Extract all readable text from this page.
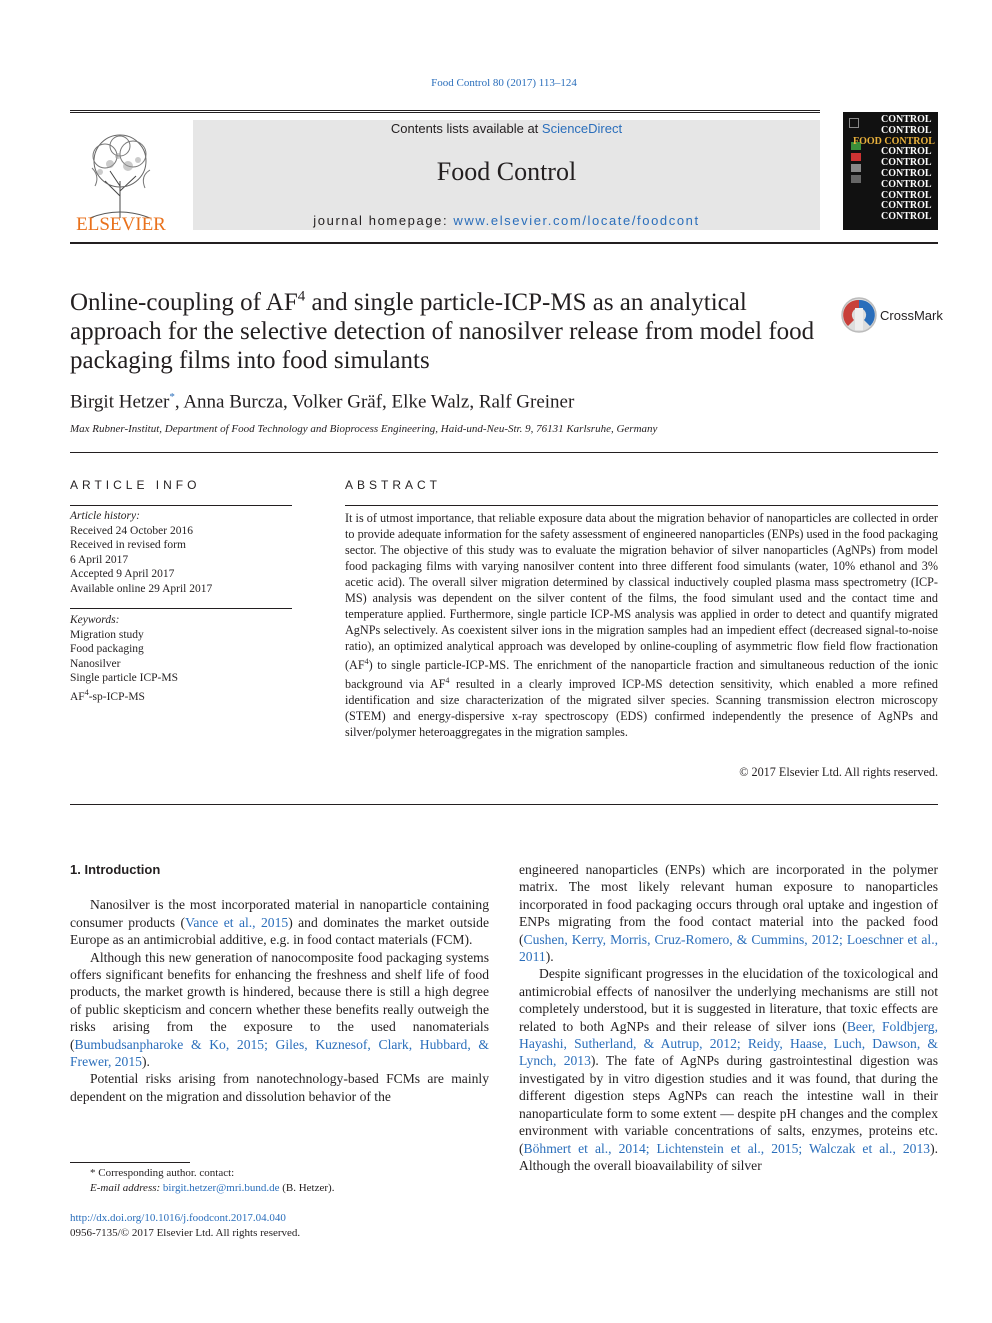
Food Control 80 (2017) 113–124
ELSEVIER
Contents lists available at ScienceDirect
Food Control
journal homepage: www.elsevier.com/locate/foodcont
CONTROL
CONTROL
FOOD CONTROL
CONTROL
CONTROL
CONTROL
CONTROL
CONTROL
CONTROL
CONTROL
Online-coupling of $AF^4$ and single particle-ICP-MS as an analytical approach for the selective detection of nanosilver release from model food packaging films into food simulants
CrossMark
Birgit Hetzer*, Anna Burcza, Volker Gräf, Elke Walz, Ralf Greiner
Max Rubner-Institut, Department of Food Technology and Bioprocess Engineering, Haid-und-Neu-Str. 9, 76131 Karlsruhe, Germany
ARTICLE INFO	ABSTRACT
Article history:
Received 24 October 2016
Received in revised form
6 April 2017
Accepted 9 April 2017
Available online 29 April 2017
Keywords:
Migration study
Food packaging
Nanosilver
Single particle ICP-MS
$AF^4-sp-ICP-MS$
It is of utmost importance, that reliable exposure data about the migration behavior of nanoparticles are collected in order to provide adequate information for the safety assessment of engineered nanoparticles (ENPs) used in the food packaging sector. The objective of this study was to evaluate the migration behavior of silver nanoparticles (AgNPs) from model food packaging films with varying nanosilver content into three different food simulants (water, 10% ethanol and 3% acetic acid). The overall silver migration determined by classical inductively coupled plasma mass spectrometry (ICP-MS) analysis was dependent on the silver content of the films, the food simulant used and the contact time and temperature applied. Furthermore, single particle ICP-MS analysis was applied in order to detect and quantify migrated AgNPs selectively. As coexistent silver ions in the migration samples had an impedient effect (decreased signal-to-noise ratio), an optimized analytical approach was developed by online-coupling of asymmetric flow field flow fractionation $(AF^4)$ to single particle-ICP-MS. The enrichment of the nanoparticle fraction and simultaneous reduction of the ionic background via $AF^4$ resulted in a clearly improved ICP-MS detection sensitivity, which enabled a more refined identification and size characterization of the migrated silver species. Scanning transmission electron microscopy (STEM) and energy-dispersive x-ray spectroscopy (EDS) confirmed independently the presence of AgNPs and silver/polymer heteroaggregates in the migration samples.
© 2017 Elsevier Ltd. All rights reserved.
1. Introduction

Nanosilver is the most incorporated material in nanoparticle containing consumer products (Vance et al., 2015) and dominates the market outside Europe as an antimicrobial additive, e.g. in food contact materials (FCM).

Although this new generation of nanocomposite food packaging systems offers significant benefits for enhancing the freshness and shelf life of food products, the market growth is hindered, because there is still a high degree of public skepticism and concern whether these benefits really outweigh the risks arising from the exposure to the used nanomaterials (Bumbudsanpharoke & Ko, 2015; Giles, Kuznesof, Clark, Hubbard, & Frewer, 2015).

Potential risks arising from nanotechnology-based FCMs are mainly dependent on the migration and dissolution behavior of the

engineered nanoparticles (ENPs) which are incorporated in the polymer matrix. The most likely relevant human exposure to nanoparticles incorporated in food packaging occurs through oral uptake and ingestion of ENPs migrating from the food contact material into the packed food (Cushen, Kerry, Morris, Cruz-Romero, & Cummins, 2012; Loeschner et al., 2011).

Despite significant progresses in the elucidation of the toxicological and antimicrobial effects of nanosilver the underlying mechanisms are still not completely understood, but it is suggested in literature, that toxic effects are related to both AgNPs and their release of silver ions (Beer, Foldbjerg, Hayashi, Sutherland, & Autrup, 2012; Reidy, Haase, Luch, Dawson, & Lynch, 2013). The fate of AgNPs during gastrointestinal digestion was investigated by in vitro digestion studies and it was found, that during the different digestion steps AgNPs can reach the intestine wall in their nanoparticulate form to some extent — despite pH changes and the complex environment with variable concentrations of salts, enzymes, proteins etc. (Böhmert et al., 2014; Lichtenstein et al., 2015; Walczak et al., 2013). Although the overall bioavailability of silver

* Corresponding author. contact:
E-mail address: birgit.hetzer@mri.bund.de (B. Hetzer).
http://dx.doi.org/10.1016/j.foodcont.2017.04.040
0956-7135/© 2017 Elsevier Ltd. All rights reserved.
